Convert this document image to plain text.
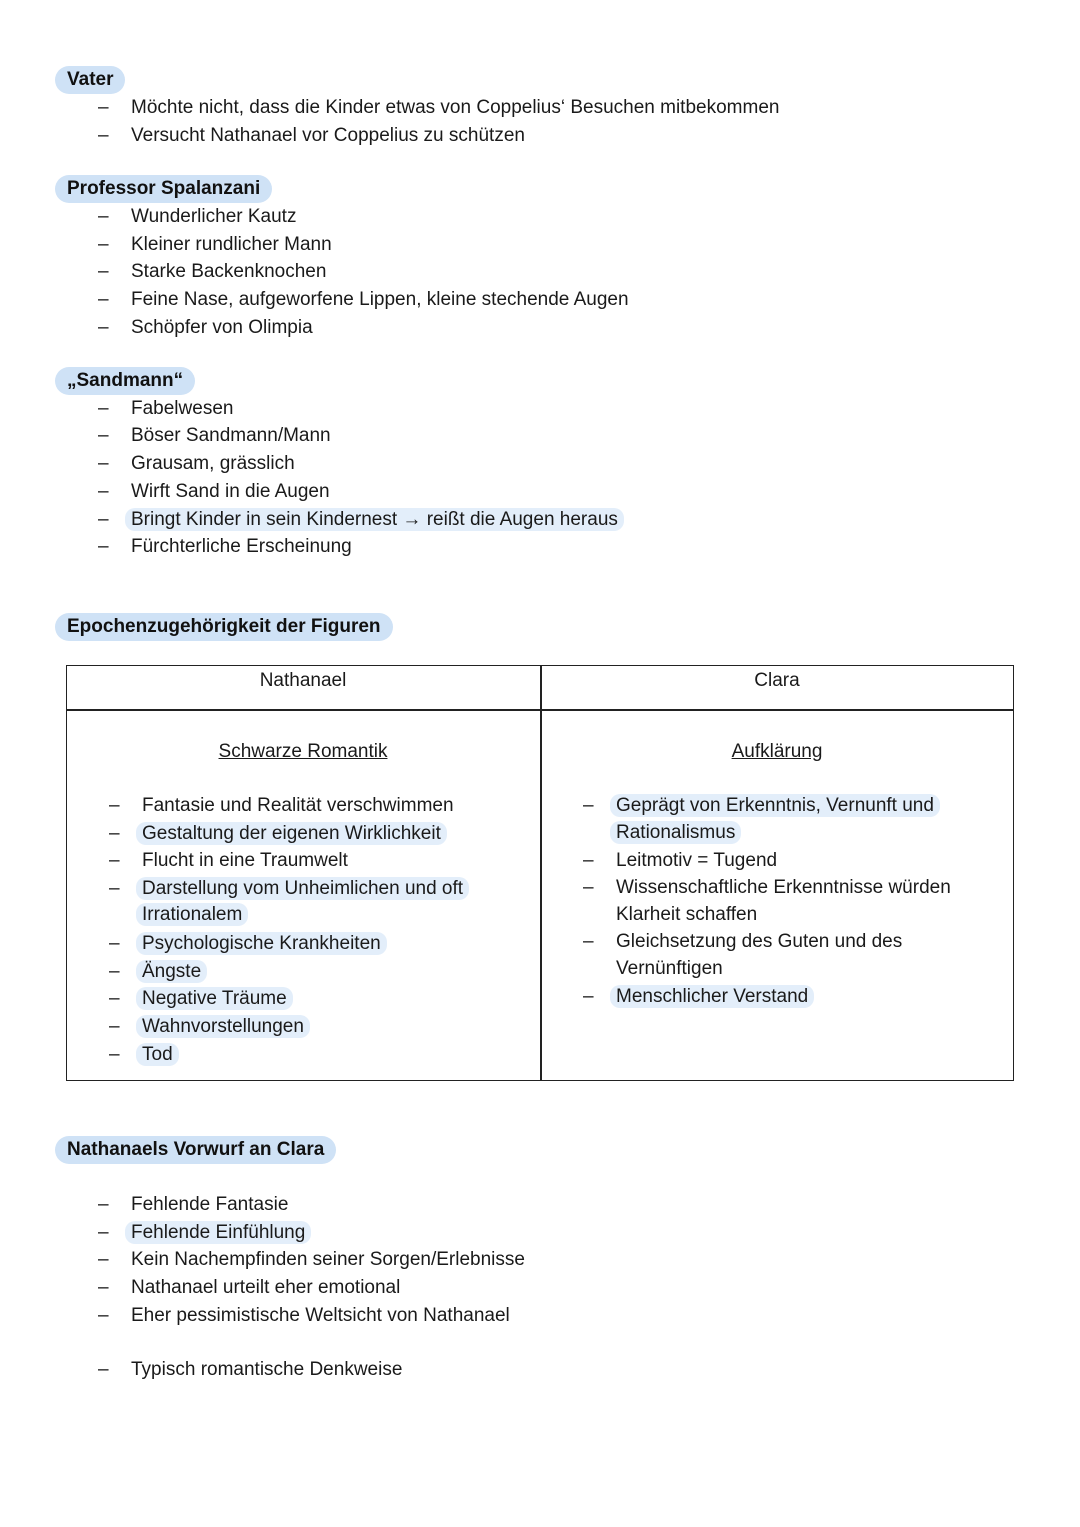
Vater
– Möchte nicht, dass die Kinder etwas von Coppelius‘ Besuchen mitbekommen
– Versucht Nathanael vor Coppelius zu schützen
Professor Spalanzani
– Wunderlicher Kautz
– Kleiner rundlicher Mann
– Starke Backenknochen
– Feine Nase, aufgeworfene Lippen, kleine stechende Augen
– Schöpfer von Olimpia
„Sandmann“
– Fabelwesen
– Böser Sandmann/Mann
– Grausam, grässlich
– Wirft Sand in die Augen
– Bringt Kinder in sein Kindernest → reißt die Augen heraus
– Fürchterliche Erscheinung
Epochenzugehörigkeit der Figuren
Nathanael	Clara
Schwarze Romantik	Aufklärung
– Fantasie und Realität verschwimmen
– Gestaltung der eigenen Wirklichkeit
– Flucht in eine Traumwelt
– Darstellung vom Unheimlichen und oft
Irrationalem
– Psychologische Krankheiten
– Ängste
– Negative Träume
– Wahnvorstellungen
– Tod
– Geprägt von Erkenntnis, Vernunft und
Rationalismus
– Leitmotiv = Tugend
– Wissenschaftliche Erkenntnisse würden
Klarheit schaffen
– Gleichsetzung des Guten und des
Vernünftigen
– Menschlicher Verstand
Nathanaels Vorwurf an Clara
– Fehlende Fantasie
– Fehlende Einfühlung
– Kein Nachempfinden seiner Sorgen/Erlebnisse
– Nathanael urteilt eher emotional
– Eher pessimistische Weltsicht von Nathanael
– Typisch romantische Denkweise
